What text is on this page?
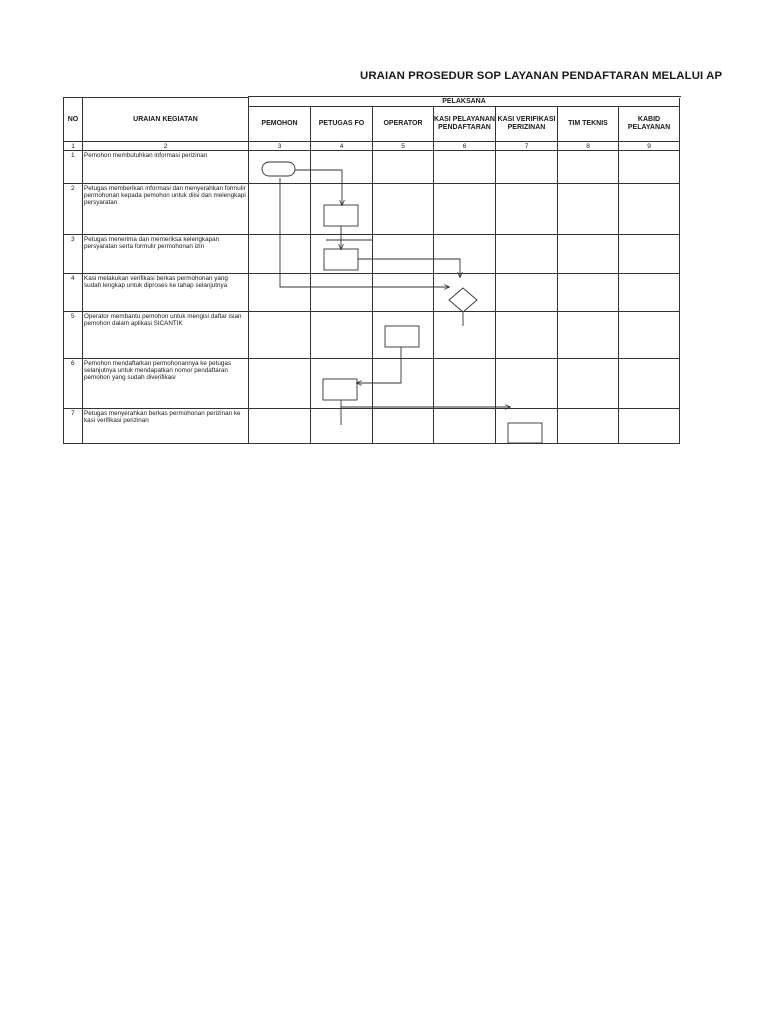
URAIAN PROSEDUR SOP LAYANAN PENDAFTARAN MELALUI AP
NO	URAIAN KEGIATAN	PELAKSANA						
		PEMOHON	PETUGAS FO	OPERATOR	KASI PELAYANAN PENDAFTARAN	KASI VERIFIKASI PERIZINAN	TIM TEKNIS	KABID PELAYANAN
1	2	3	4	5	6	7	8	9
1	Pemohon membutuhkan informasi perizinan							
2	Petugas memberikan informasi dan menyerahkan formulir permohonan kepada pemohon untuk diisi dan melengkapi persyaratan							
3	Petugas menerima dan memeriksa kelengkapan persyaratan serta formulir permohonan izin							
4	Kasi melakukan verifikasi berkas permohonan yang sudah lengkap untuk diproses ke tahap selanjutnya							
5	Operator membantu pemohon untuk mengisi daftar isian pemohon dalam aplikasi SICANTIK							
6	Pemohon mendaftarkan permohonannya ke petugas selanjutnya untuk mendapatkan nomor pendaftaran pemohon yang sudah diverifikasi							
7	Petugas menyerahkan berkas permohonan perizinan ke kasi verifikasi perizinan							
